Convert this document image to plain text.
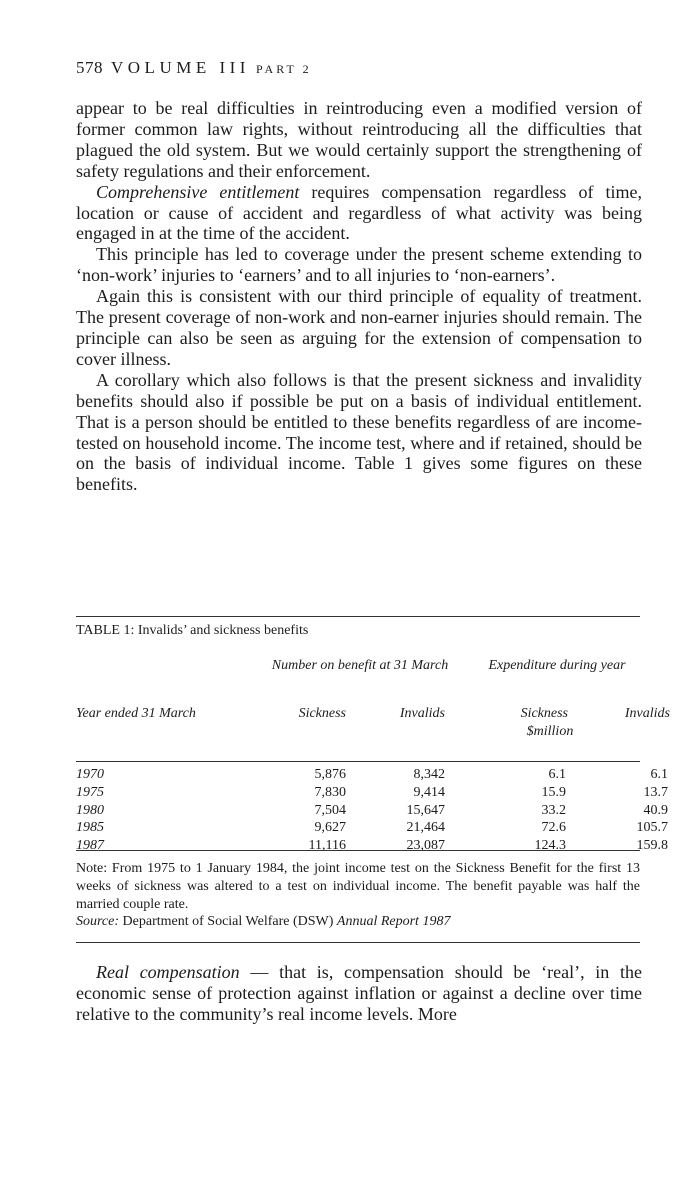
578 VOLUME III PART 2

appear to be real difficulties in reintroducing even a modified version of former common law rights, without reintroducing all the difficulties that plagued the old system. But we would certainly support the strengthening of safety regulations and their enforcement.

Comprehensive entitlement requires compensation regardless of time, location or cause of accident and regardless of what activity was being engaged in at the time of the accident.

This principle has led to coverage under the present scheme extending to ‘non-work’ injuries to ‘earners’ and to all injuries to ‘non-earners’.

Again this is consistent with our third principle of equality of treatment. The present coverage of non-work and non-earner injuries should remain. The principle can also be seen as arguing for the extension of compensation to cover illness.

A corollary which also follows is that the present sickness and invalidity benefits should also if possible be put on a basis of individual entitlement. That is a person should be entitled to these benefits regardless of are income-tested on household income. The income test, where and if retained, should be on the basis of individual income. Table 1 gives some figures on these benefits.

TABLE 1: Invalids’ and sickness benefits
Number on benefit at 31 March	Expenditure during year
Year ended 31 March	Sickness	Invalids	Sickness	Invalids
$million
1970	5,876	8,342	6.1	6.1
1975	7,830	9,414	15.9	13.7
1980	7,504	15,647	33.2	40.9
1985	9,627	21,464	72.6	105.7
1987	11,116	23,087	124.3	159.8
Note: From 1975 to 1 January 1984, the joint income test on the Sickness Benefit for the first 13 weeks of sickness was altered to a test on individual income. The benefit payable was half the married couple rate.
Source: Department of Social Welfare (DSW) Annual Report 1987

Real compensation — that is, compensation should be ‘real’, in the economic sense of protection against inflation or against a decline over time relative to the community’s real income levels. More
